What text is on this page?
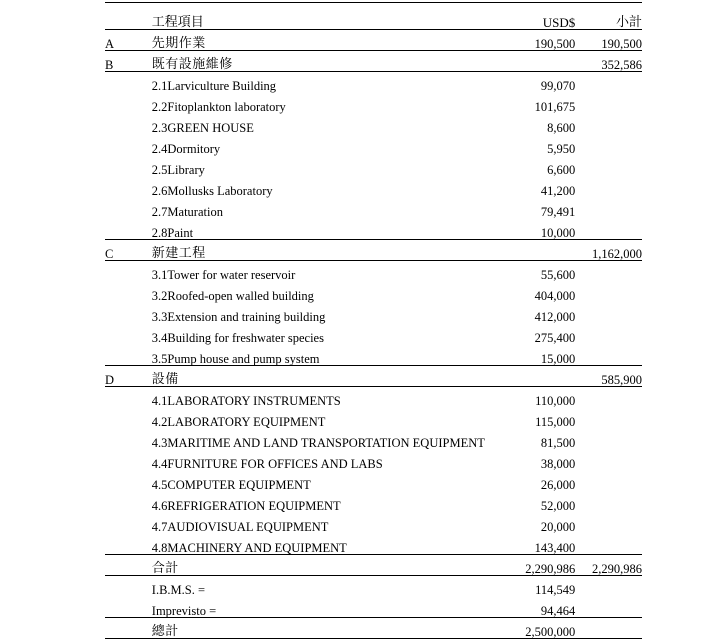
	工程項目	USD$	小計
A	先期作業	190,500	190,500
B	既有設施維修		352,586
	2.1Larviculture Building	99,070	
	2.2Fitoplankton laboratory	101,675	
	2.3GREEN HOUSE	8,600	
	2.4Dormitory	5,950	
	2.5Library	6,600	
	2.6Mollusks Laboratory	41,200	
	2.7Maturation	79,491	
	2.8Paint	10,000	
C	新建工程		1,162,000
	3.1Tower for water reservoir	55,600	
	3.2Roofed-open walled building	404,000	
	3.3Extension and training building	412,000	
	3.4Building for freshwater species	275,400	
	3.5Pump house and pump system	15,000	
D	設備		585,900
	4.1LABORATORY INSTRUMENTS	110,000	
	4.2LABORATORY EQUIPMENT	115,000	
	4.3MARITIME AND LAND TRANSPORTATION EQUIPMENT	81,500	
	4.4FURNITURE FOR OFFICES AND LABS	38,000	
	4.5COMPUTER EQUIPMENT	26,000	
	4.6REFRIGERATION EQUIPMENT	52,000	
	4.7AUDIOVISUAL EQUIPMENT	20,000	
	4.8MACHINERY AND EQUIPMENT	143,400	
	合計	2,290,986	2,290,986
	I.B.M.S. =	114,549	
	Imprevisto =	94,464	
	總計	2,500,000	
